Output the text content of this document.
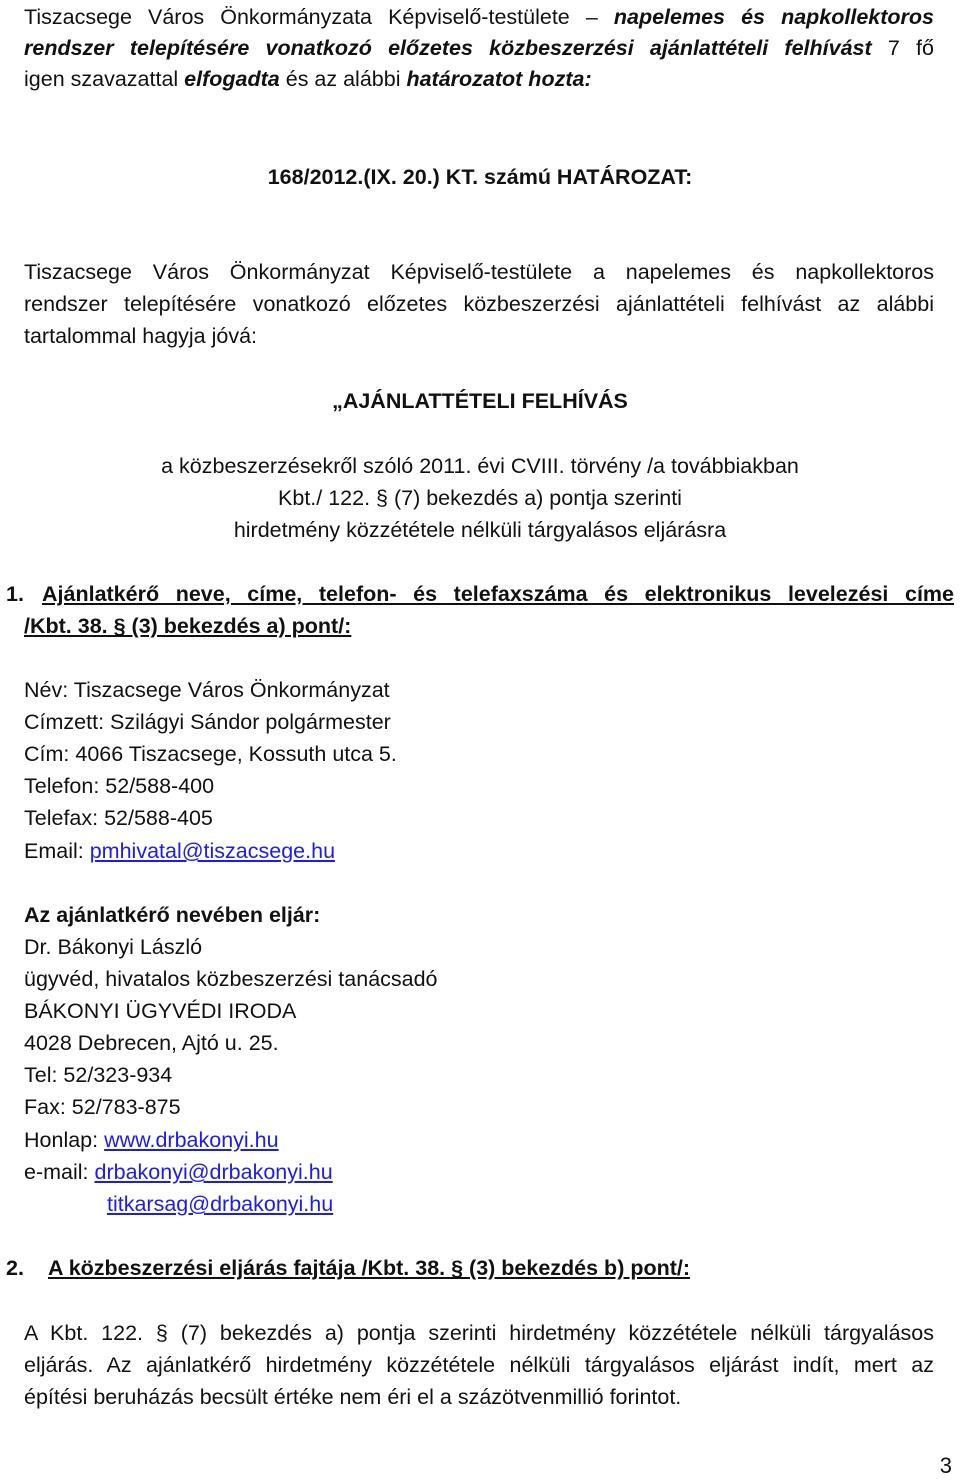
Tiszacsege Város Önkormányzata Képviselő-testülete – napelemes és napkollektoros
rendszer telepítésére vonatkozó előzetes közbeszerzési ajánlattételi felhívást 7 fő
igen szavazattal elfogadta és az alábbi határozatot hozta:
168/2012.(IX. 20.) KT. számú HATÁROZAT:
Tiszacsege Város Önkormányzat Képviselő-testülete a napelemes és napkollektoros
rendszer telepítésére vonatkozó előzetes közbeszerzési ajánlattételi felhívást az alábbi
tartalommal hagyja jóvá:
„AJÁNLATTÉTELI FELHÍVÁS
a közbeszerzésekről szóló 2011. évi CVIII. törvény /a továbbiakban
Kbt./ 122. § (7) bekezdés a) pontja szerinti
hirdetmény közzététele nélküli tárgyalásos eljárásra
1. Ajánlatkérő neve, címe, telefon- és telefaxszáma és elektronikus levelezési címe
/Kbt. 38. § (3) bekezdés a) pont/:
Név: Tiszacsege Város Önkormányzat
Címzett: Szilágyi Sándor polgármester
Cím: 4066 Tiszacsege, Kossuth utca 5.
Telefon: 52/588-400
Telefax: 52/588-405
Email: pmhivatal@tiszacsege.hu
Az ajánlatkérő nevében eljár:
Dr. Bákonyi László
ügyvéd, hivatalos közbeszerzési tanácsadó
BÁKONYI ÜGYVÉDI IRODA
4028 Debrecen, Ajtó u. 25.
Tel: 52/323-934
Fax: 52/783-875
Honlap: www.drbakonyi.hu
e-mail: drbakonyi@drbakonyi.hu
titkarsag@drbakonyi.hu
2. A közbeszerzési eljárás fajtája /Kbt. 38. § (3) bekezdés b) pont/:
A Kbt. 122. § (7) bekezdés a) pontja szerinti hirdetmény közzététele nélküli tárgyalásos
eljárás. Az ajánlatkérő hirdetmény közzététele nélküli tárgyalásos eljárást indít, mert az
építési beruházás becsült értéke nem éri el a százötvenmillió forintot.
3
